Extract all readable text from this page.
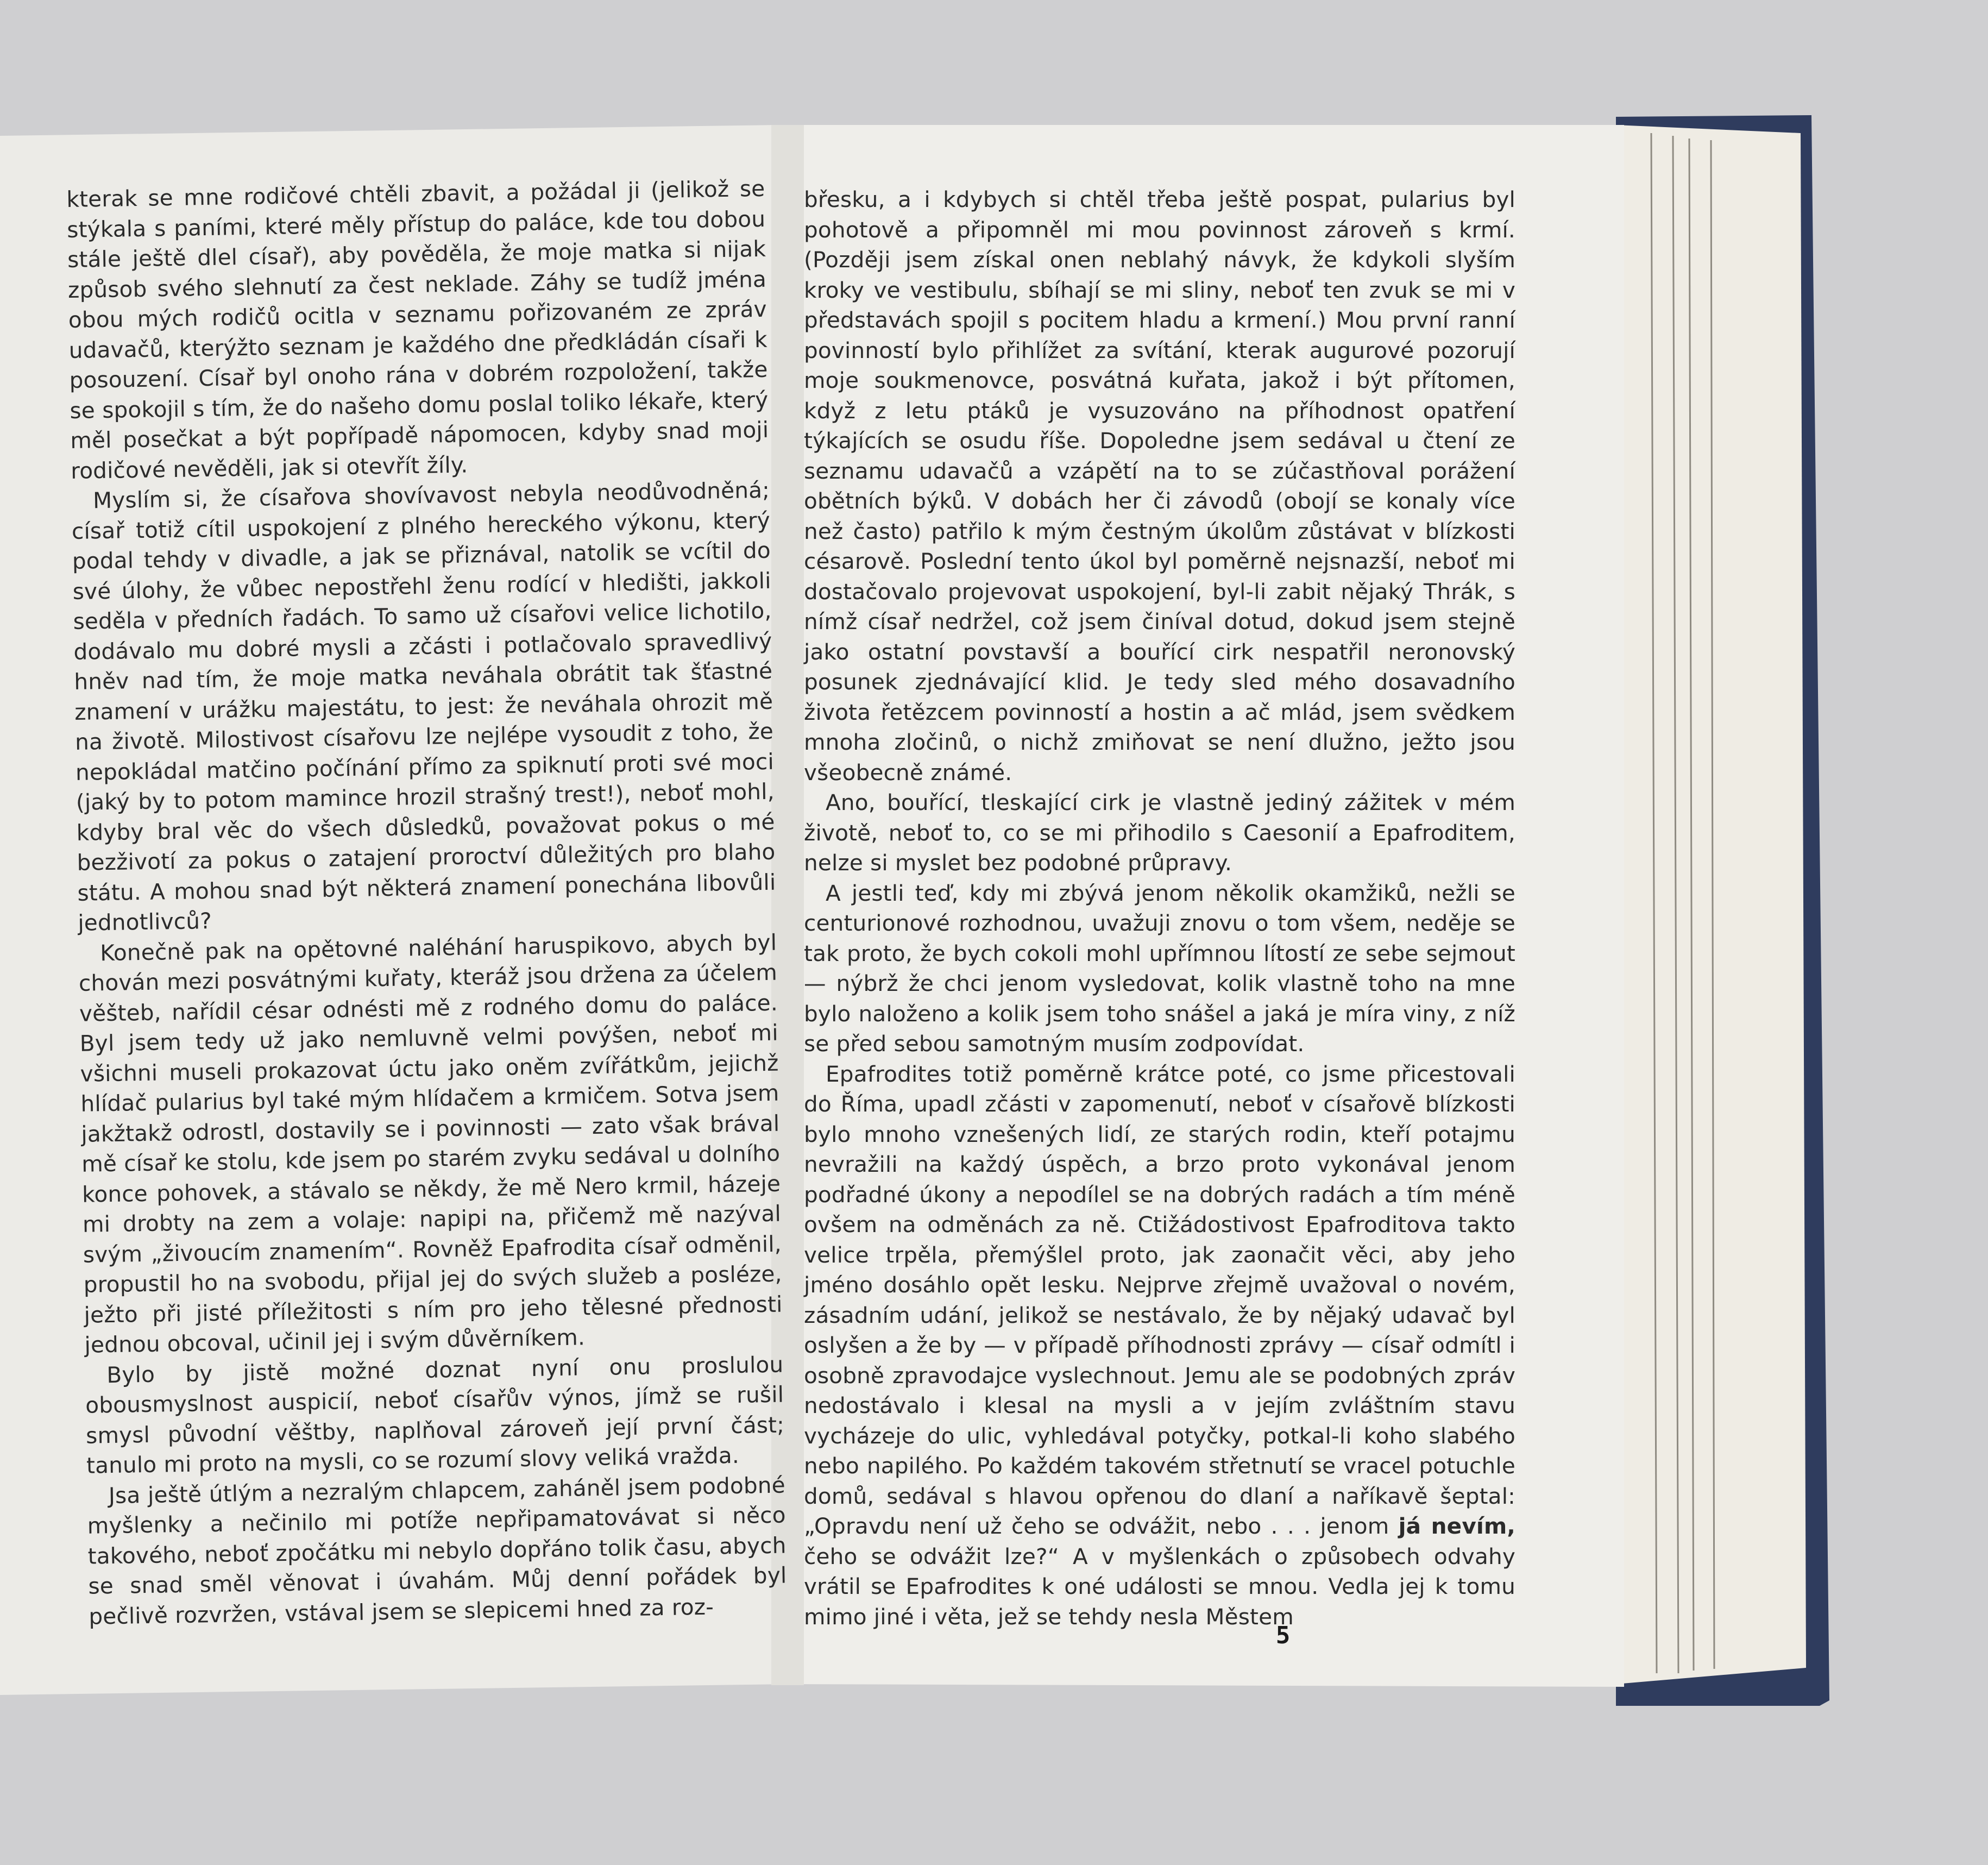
kterak se mne rodičové chtěli zbavit, a požádal ji (jelikož se stýkala s paními, které měly přístup do paláce, kde tou dobou stále ještě dlel císař), aby pověděla, že moje matka si nijak způsob svého slehnutí za čest neklade. Záhy se tudíž jména obou mých rodičů ocitla v seznamu pořizovaném ze zpráv udavačů, kterýžto seznam je každého dne předkládán císaři k posouzení. Císař byl onoho rána v dobrém rozpoložení, takže se spokojil s tím, že do našeho domu poslal toliko lékaře, který měl posečkat a být popřípadě nápomocen, kdyby snad moji rodičové nevěděli, jak si otevřít žíly.

Myslím si, že císařova shovívavost nebyla neodůvodněná; císař totiž cítil uspokojení z plného hereckého výkonu, který podal tehdy v divadle, a jak se přiznával, natolik se vcítil do své úlohy, že vůbec nepostřehl ženu rodící v hledišti, jakkoli seděla v předních řadách. To samo už císařovi velice lichotilo, dodávalo mu dobré mysli a zčásti i potlačovalo spravedlivý hněv nad tím, že moje matka neváhala obrátit tak šťastné znamení v urážku majestátu, to jest: že neváhala ohrozit mě na životě. Milostivost císařovu lze nejlépe vysoudit z toho, že nepokládal matčino počínání přímo za spiknutí proti své moci (jaký by to potom mamince hrozil strašný trest!), neboť mohl, kdyby bral věc do všech důsledků, považovat pokus o mé bezživotí za pokus o zatajení proroctví důležitých pro blaho státu. A mohou snad být některá znamení ponechána libovůli jednotlivců?

Konečně pak na opětovné naléhání haruspikovo, abych byl chován mezi posvátnými kuřaty, kteráž jsou držena za účelem věšteb, nařídil césar odnésti mě z rodného domu do paláce. Byl jsem tedy už jako nemluvně velmi povýšen, neboť mi všichni museli prokazovat úctu jako oněm zvířátkům, jejichž hlídač pularius byl také mým hlídačem a krmičem. Sotva jsem jakžtakž odrostl, dostavily se i povinnosti — zato však brával mě císař ke stolu, kde jsem po starém zvyku sedával u dolního konce pohovek, a stávalo se někdy, že mě Nero krmil, házeje mi drobty na zem a volaje: napipi na, přičemž mě nazýval svým „živoucím znamením“. Rovněž Epafrodita císař odměnil, propustil ho na svobodu, přijal jej do svých služeb a posléze, ježto při jisté příležitosti s ním pro jeho tělesné přednosti jednou obcoval, učinil jej i svým důvěrníkem.

Bylo by jistě možné doznat nyní onu proslulou obousmyslnost auspicií, neboť císařův výnos, jímž se rušil smysl původní věštby, naplňoval zároveň její první část; tanulo mi proto na mysli, co se rozumí slovy veliká vražda.

Jsa ještě útlým a nezralým chlapcem, zaháněl jsem podobné myšlenky a nečinilo mi potíže nepřipamatovávat si něco takového, neboť zpočátku mi nebylo dopřáno tolik času, abych se snad směl věnovat i úvahám. Můj denní pořádek byl pečlivě rozvržen, vstával jsem se slepicemi hned za roz-

břesku, a i kdybych si chtěl třeba ještě pospat, pularius byl pohotově a připomněl mi mou povinnost zároveň s krmí. (Později jsem získal onen neblahý návyk, že kdykoli slyším kroky ve vestibulu, sbíhají se mi sliny, neboť ten zvuk se mi v představách spojil s pocitem hladu a krmení.) Mou první ranní povinností bylo přihlížet za svítání, kterak augurové pozorují moje soukmenovce, posvátná kuřata, jakož i být přítomen, když z letu ptáků je vysuzováno na příhodnost opatření týkajících se osudu říše. Dopoledne jsem sedával u čtení ze seznamu udavačů a vzápětí na to se zúčastňoval porážení obětních býků. V dobách her či závodů (obojí se konaly více než často) patřilo k mým čestným úkolům zůstávat v blízkosti césarově. Poslední tento úkol byl poměrně nejsnazší, neboť mi dostačovalo projevovat uspokojení, byl-li zabit nějaký Thrák, s nímž císař nedržel, což jsem činíval dotud, dokud jsem stejně jako ostatní povstavší a bouřící cirk nespatřil neronovský posunek zjednávající klid. Je tedy sled mého dosavadního života řetězcem povinností a hostin a ač mlád, jsem svědkem mnoha zločinů, o nichž zmiňovat se není dlužno, ježto jsou všeobecně známé.

Ano, bouřící, tleskající cirk je vlastně jediný zážitek v mém životě, neboť to, co se mi přihodilo s Caesonií a Epafroditem, nelze si myslet bez podobné průpravy.

A jestli teď, kdy mi zbývá jenom několik okamžiků, nežli se centurionové rozhodnou, uvažuji znovu o tom všem, neděje se tak proto, že bych cokoli mohl upřímnou lítostí ze sebe sejmout — nýbrž že chci jenom vysledovat, kolik vlastně toho na mne bylo naloženo a kolik jsem toho snášel a jaká je míra viny, z níž se před sebou samotným musím zodpovídat.

Epafrodites totiž poměrně krátce poté, co jsme přicestovali do Říma, upadl zčásti v zapomenutí, neboť v císařově blízkosti bylo mnoho vznešených lidí, ze starých rodin, kteří potajmu nevražili na každý úspěch, a brzo proto vykonával jenom podřadné úkony a nepodílel se na dobrých radách a tím méně ovšem na odměnách za ně. Ctižádostivost Epafroditova takto velice trpěla, přemýšlel proto, jak zaonačit věci, aby jeho jméno dosáhlo opět lesku. Nejprve zřejmě uvažoval o novém, zásadním udání, jelikož se nestávalo, že by nějaký udavač byl oslyšen a že by — v případě příhodnosti zprávy — císař odmítl i osobně zpravodajce vyslechnout. Jemu ale se podobných zpráv nedostávalo i klesal na mysli a v jejím zvláštním stavu vycházeje do ulic, vyhledával potyčky, potkal-li koho slabého nebo napilého. Po každém takovém střetnutí se vracel potuchle domů, sedával s hlavou opřenou do dlaní a naříkavě šeptal: „Opravdu není už čeho se odvážit, nebo . . . jenom já nevím, čeho se odvážit lze?“ A v myšlenkách o způsobech odvahy vrátil se Epafrodites k oné události se mnou. Vedla jej k tomu mimo jiné i věta, jež se tehdy nesla Městem

5
